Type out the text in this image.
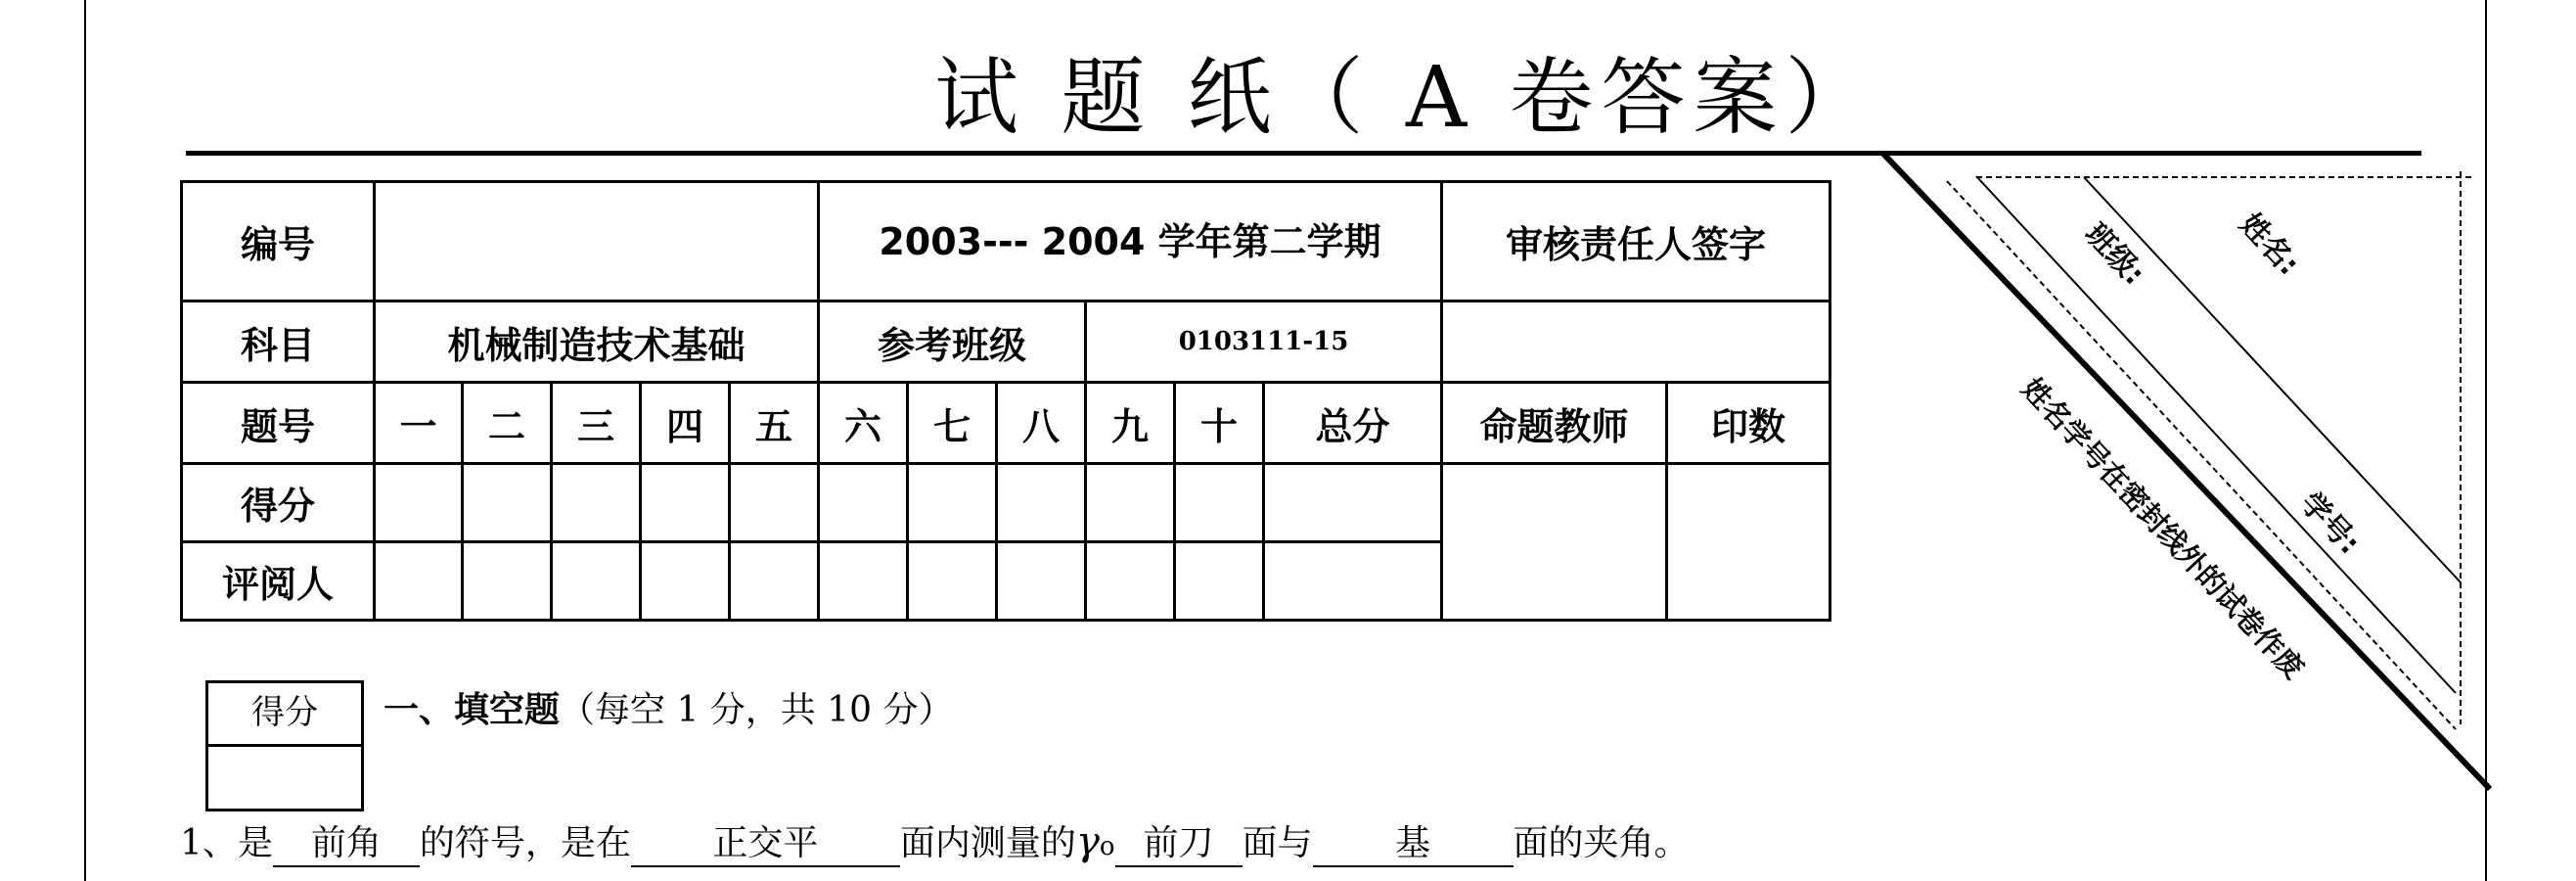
试 题 纸（ A 卷答案）
编号						2003--- 2004 学年第二学期						审核责任人签字	
科目	机械制造技术基础					参考班级			0103111-15				
题号	一	二	三	四	五	六	七	八	九	十	总分	命题教师	印数
得分													
评阅人													
得分	一、填空题（每空 1 分，共 10 分）
1、是 前角 的符号，是在 正交平 面内测量的γo 前刀 面与 基 面的夹角。
班级:	姓名:
姓名学号在密封线外的试卷作废
学号:
